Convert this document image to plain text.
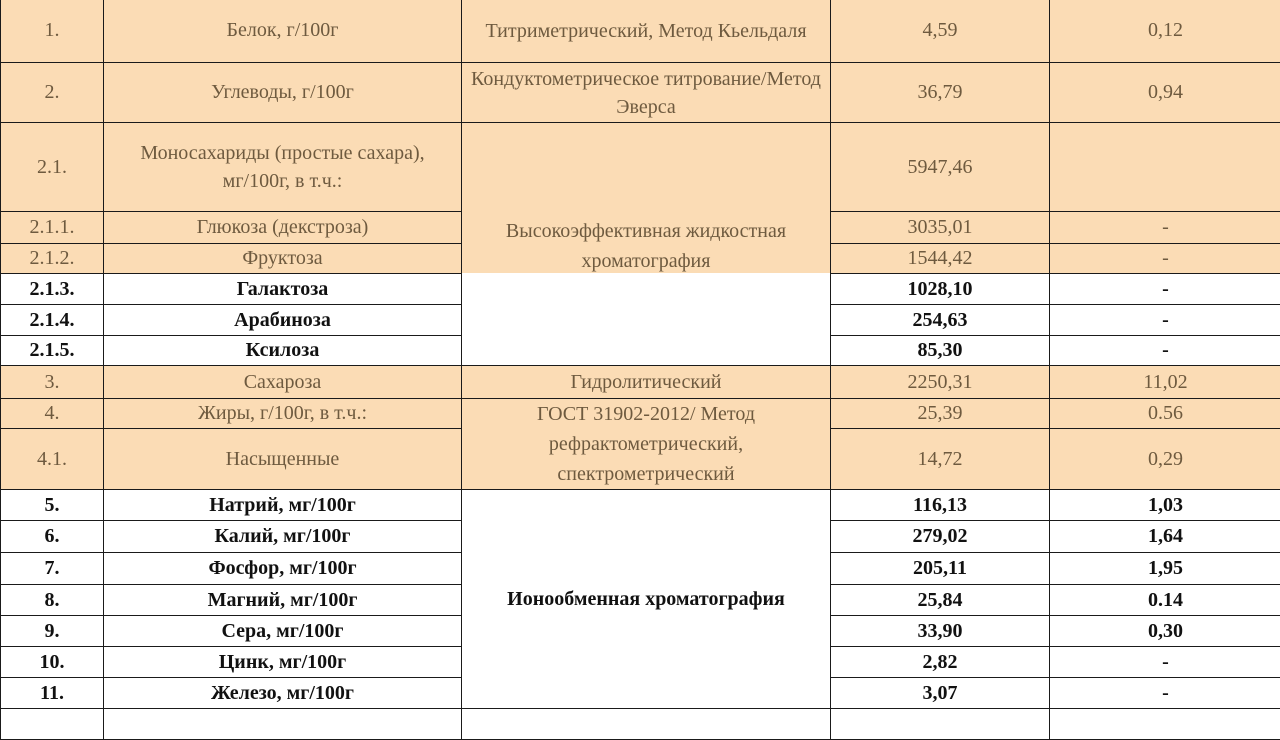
1.	Белок, г/100г	Титриметрический, Метод Кьельдаля	4,59	0,12
2.	Углеводы, г/100г	Кондуктометрическое титрование/Метод Эверса	36,79	0,94
2.1.	Моносахариды (простые сахара), мг/100г, в т.ч.:	Высокоэффективная жидкостная хроматография	5947,46	
2.1.1.	Глюкоза (декстроза)		3035,01	-
2.1.2.	Фруктоза		1544,42	-
2.1.3.	Галактоза		1028,10	-
2.1.4.	Арабиноза		254,63	-
2.1.5.	Ксилоза		85,30	-
3.	Сахароза	Гидролитический	2250,31	11,02
4.	Жиры, г/100г, в т.ч.:	ГОСТ 31902-2012/ Метод рефрактометрический, спектрометрический	25,39	0.56
4.1.	Насыщенные		14,72	0,29
5.	Натрий, мг/100г	Ионообменная хроматография	116,13	1,03
6.	Калий, мг/100г		279,02	1,64
7.	Фосфор, мг/100г		205,11	1,95
8.	Магний, мг/100г		25,84	0.14
9.	Сера, мг/100г		33,90	0,30
10.	Цинк, мг/100г		2,82	-
11.	Железо, мг/100г		3,07	-
